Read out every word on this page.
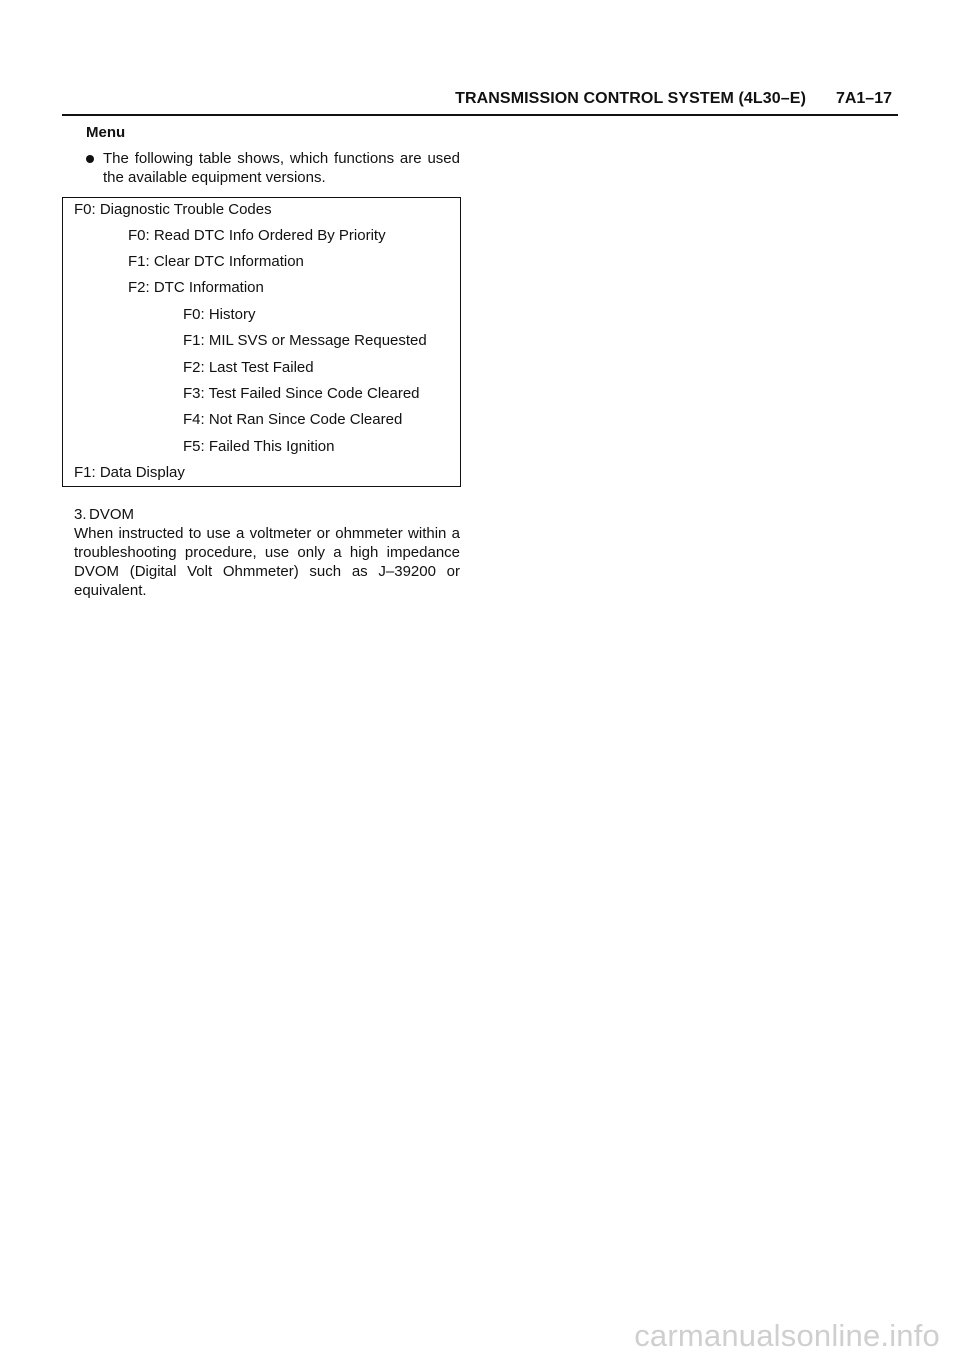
TRANSMISSION CONTROL SYSTEM (4L30–E) 7A1–17
Menu
The following table shows, which functions are used the available equipment versions.
F0: Diagnostic Trouble Codes
F0: Read DTC Info Ordered By Priority
F1: Clear DTC Information
F2: DTC Information
F0: History
F1: MIL SVS or Message Requested
F2: Last Test Failed
F3: Test Failed Since Code Cleared
F4: Not Ran Since Code Cleared
F5: Failed This Ignition
F1: Data Display
3. DVOM
When instructed to use a voltmeter or ohmmeter within a troubleshooting procedure, use only a high impedance DVOM (Digital Volt Ohmmeter) such as J–39200 or equivalent.
carmanualsonline.info
